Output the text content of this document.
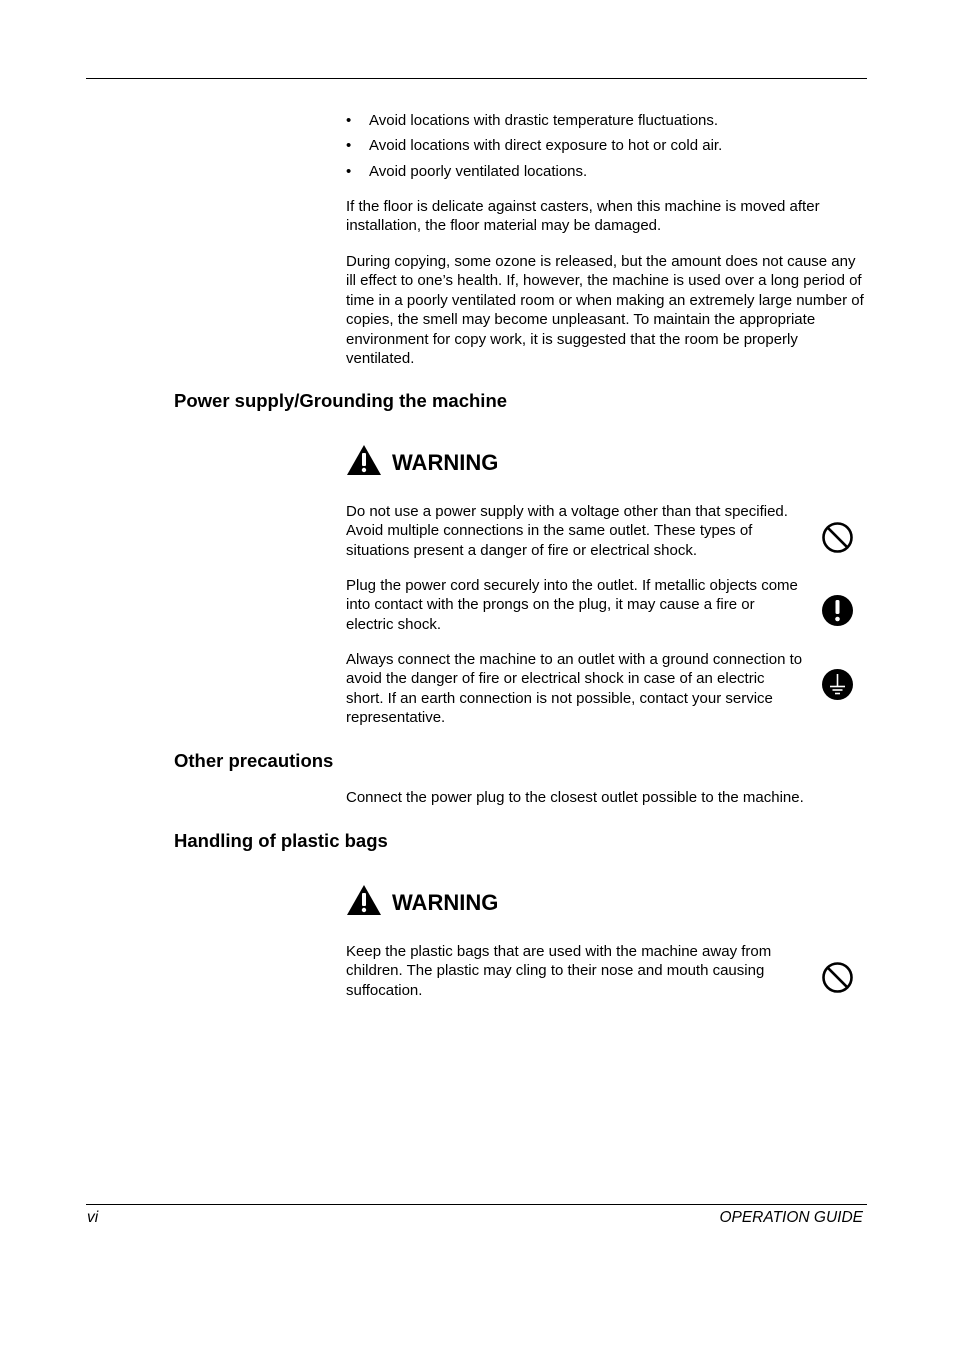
• Avoid locations with drastic temperature fluctuations.
• Avoid locations with direct exposure to hot or cold air.
• Avoid poorly ventilated locations.

If the floor is delicate against casters, when this machine is moved after installation, the floor material may be damaged.

During copying, some ozone is released, but the amount does not cause any ill effect to one’s health. If, however, the machine is used over a long period of time in a poorly ventilated room or when making an extremely large number of copies, the smell may become unpleasant. To maintain the appropriate environment for copy work, it is suggested that the room be properly ventilated.

Power supply/Grounding the machine
WARNING

Do not use a power supply with a voltage other than that specified. Avoid multiple connections in the same outlet. These types of situations present a danger of fire or electrical shock.

Plug the power cord securely into the outlet. If metallic objects come into contact with the prongs on the plug, it may cause a fire or electric shock.

Always connect the machine to an outlet with a ground connection to avoid the danger of fire or electrical shock in case of an electric short. If an earth connection is not possible, contact your service representative.

Other precautions

Connect the power plug to the closest outlet possible to the machine.

Handling of plastic bags
WARNING

Keep the plastic bags that are used with the machine away from children. The plastic may cling to their nose and mouth causing suffocation.

vi	OPERATION GUIDE
